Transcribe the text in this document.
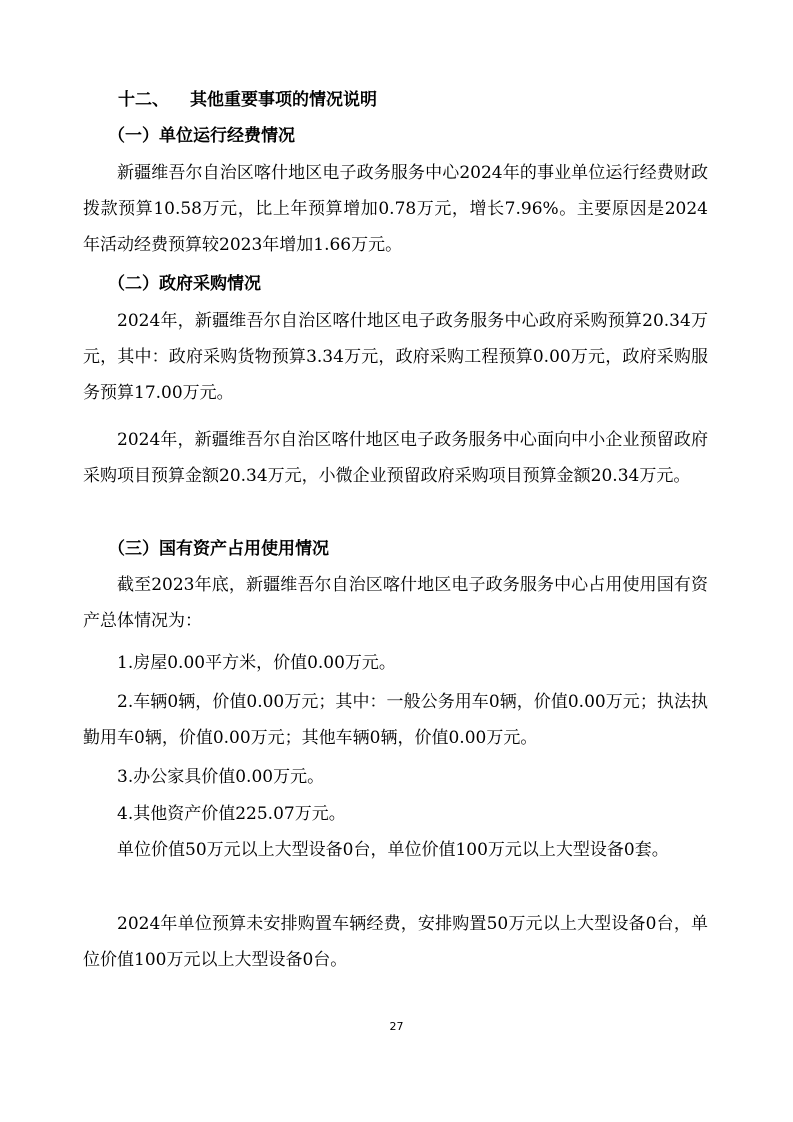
十二、 其他重要事项的情况说明
（一）单位运行经费情况

新疆维吾尔自治区喀什地区电子政务服务中心2024年的事业单位运行经费财政拨款预算10.58万元，比上年预算增加0.78万元，增长7.96%。主要原因是2024年活动经费预算较2023年增加1.66万元。

（二）政府采购情况

2024年，新疆维吾尔自治区喀什地区电子政务服务中心政府采购预算20.34万元，其中：政府采购货物预算3.34万元，政府采购工程预算0.00万元，政府采购服务预算17.00万元。

2024年，新疆维吾尔自治区喀什地区电子政务服务中心面向中小企业预留政府采购项目预算金额20.34万元，小微企业预留政府采购项目预算金额20.34万元。

（三）国有资产占用使用情况

截至2023年底，新疆维吾尔自治区喀什地区电子政务服务中心占用使用国有资产总体情况为：

1.房屋0.00平方米，价值0.00万元。

2.车辆0辆，价值0.00万元；其中：一般公务用车0辆，价值0.00万元；执法执勤用车0辆，价值0.00万元；其他车辆0辆，价值0.00万元。

3.办公家具价值0.00万元。

4.其他资产价值225.07万元。

单位价值50万元以上大型设备0台，单位价值100万元以上大型设备0套。

2024年单位预算未安排购置车辆经费，安排购置50万元以上大型设备0台，单位价值100万元以上大型设备0台。

27
